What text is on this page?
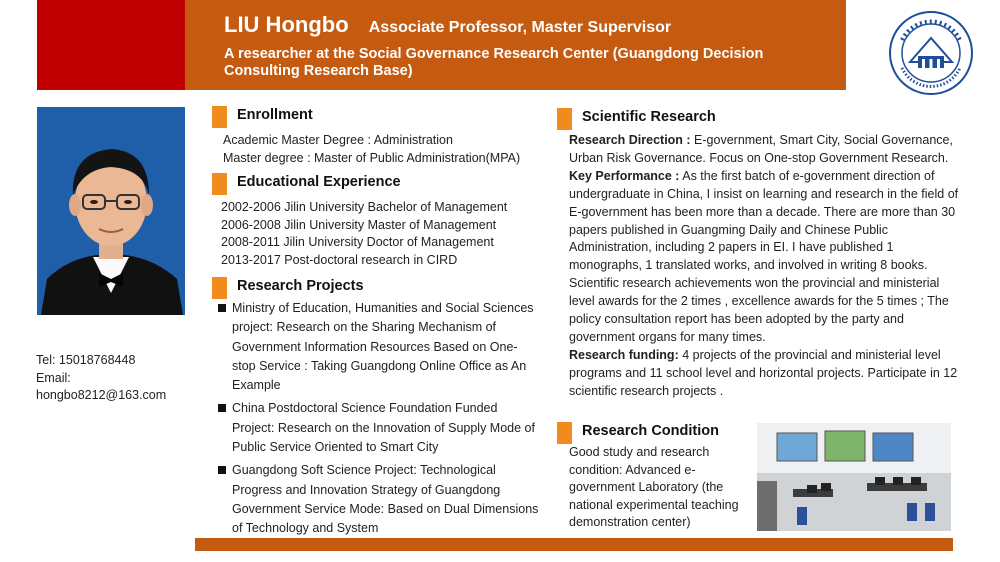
LIU Hongbo Associate Professor, Master Supervisor
A researcher at the Social Governance Research Center (Guangdong Decision Consulting Research Base)
Tel: 15018768448
Email:
hongbo8212@163.com
Enrollment

Academic Master Degree : Administration

Master degree : Master of Public Administration(MPA)

Educational Experience

2002-2006 Jilin University Bachelor of Management

2006-2008 Jilin University Master of Management

2008-2011 Jilin University Doctor of Management

2013-2017 Post-doctoral research in CIRD

Research Projects
Ministry of Education, Humanities and Social Sciences project: Research on the Sharing Mechanism of Government Information Resources Based on One-stop Service : Taking Guangdong Online Office as An Example
China Postdoctoral Science Foundation Funded Project: Research on the Innovation of Supply Mode of Public Service Oriented to Smart City
Guangdong Soft Science Project: Technological Progress and Innovation Strategy of Guangdong Government Service Mode: Based on Dual Dimensions of Technology and System
Scientific Research

Research Direction : E-government, Smart City, Social Governance, Urban Risk Governance. Focus on One-stop Government Research.

Key Performance : As the first batch of e-government direction of undergraduate in China, I insist on learning and research in the field of E-government has been more than a decade. There are more than 30 papers published in Guangming Daily and Chinese Public Administration, including 2 papers in EI. I have published 1 monographs, 1 translated works, and involved in writing 8 books. Scientific research achievements won the provincial and ministerial level awards for the 2 times , excellence awards for the 5 times ; The policy consultation report has been adopted by the party and government organs for many times.

Research funding: 4 projects of the provincial and ministerial level programs and 11 school level and horizontal projects. Participate in 12 scientific research projects .

Research Condition
Good study and research condition: Advanced e-government Laboratory (the national experimental teaching demonstration center)
